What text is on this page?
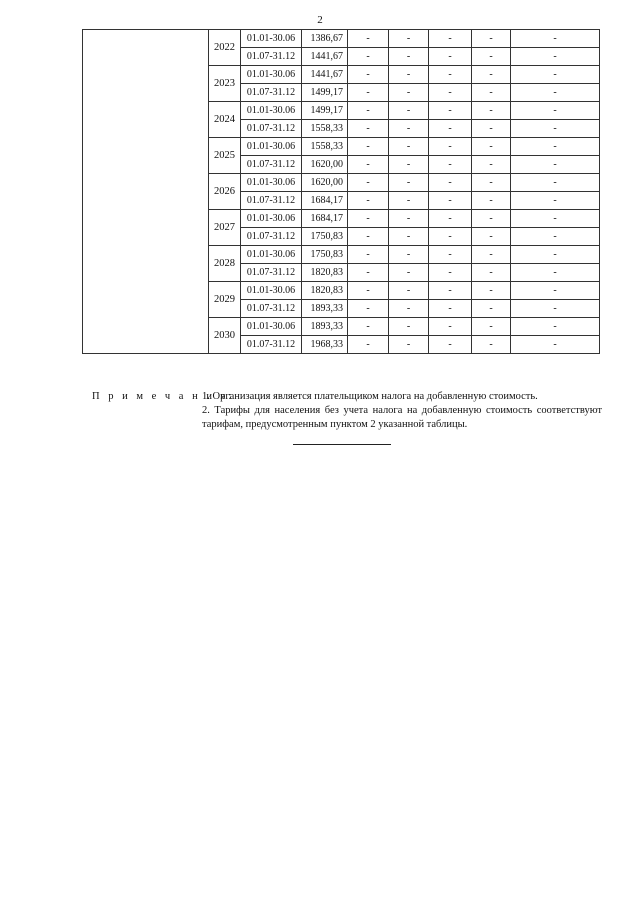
2
	2022	01.01-30.06	1386,67	-	-	-	-	-
		01.07-31.12	1441,67	-	-	-	-	-
	2023	01.01-30.06	1441,67	-	-	-	-	-
		01.07-31.12	1499,17	-	-	-	-	-
	2024	01.01-30.06	1499,17	-	-	-	-	-
		01.07-31.12	1558,33	-	-	-	-	-
	2025	01.01-30.06	1558,33	-	-	-	-	-
		01.07-31.12	1620,00	-	-	-	-	-
	2026	01.01-30.06	1620,00	-	-	-	-	-
		01.07-31.12	1684,17	-	-	-	-	-
	2027	01.01-30.06	1684,17	-	-	-	-	-
		01.07-31.12	1750,83	-	-	-	-	-
	2028	01.01-30.06	1750,83	-	-	-	-	-
		01.07-31.12	1820,83	-	-	-	-	-
	2029	01.01-30.06	1820,83	-	-	-	-	-
		01.07-31.12	1893,33	-	-	-	-	-
	2030	01.01-30.06	1893,33	-	-	-	-	-
		01.07-31.12	1968,33	-	-	-	-	-
П р и м е ч а н и я:

1. Организация является плательщиком налога на добавленную стоимость.

2. Тарифы для населения без учета налога на добавленную стоимость соответствуют тарифам, предусмотренным пунктом 2 указанной таблицы.
